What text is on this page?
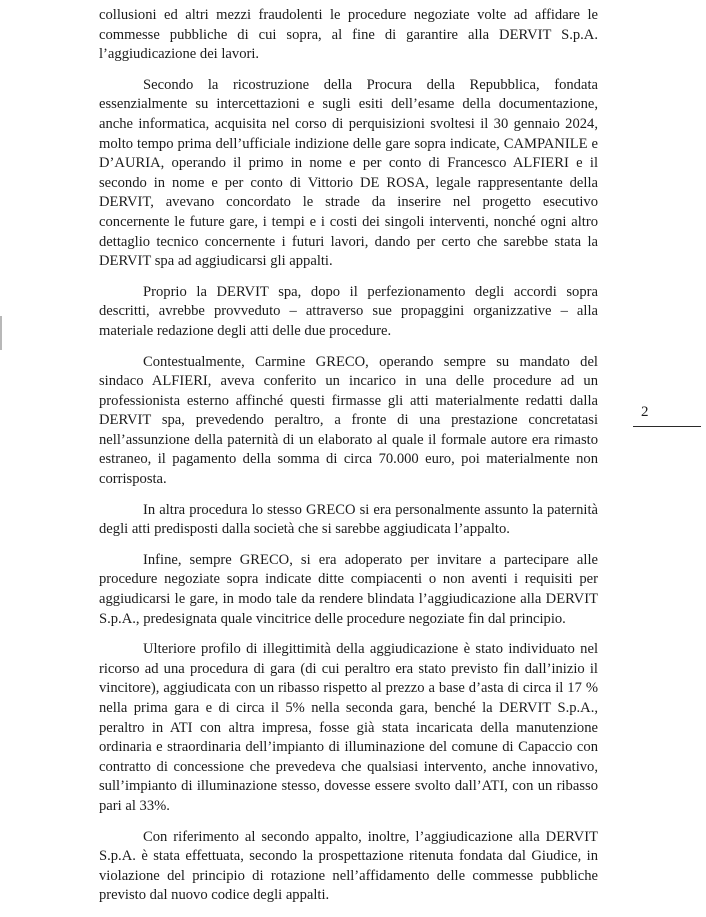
collusioni ed altri mezzi fraudolenti le procedure negoziate volte ad affidare le commesse pubbliche di cui sopra, al fine di garantire alla DERVIT S.p.A. l’aggiudicazione dei lavori.

Secondo la ricostruzione della Procura della Repubblica, fondata essenzialmente su intercettazioni e sugli esiti dell’esame della documentazione, anche informatica, acquisita nel corso di perquisizioni svoltesi il 30 gennaio 2024, molto tempo prima dell’ufficiale indizione delle gare sopra indicate, CAMPANILE e D’AURIA, operando il primo in nome e per conto di Francesco ALFIERI e il secondo in nome e per conto di Vittorio DE ROSA, legale rappresentante della DERVIT, avevano concordato le strade da inserire nel progetto esecutivo concernente le future gare, i tempi e i costi dei singoli interventi, nonché ogni altro dettaglio tecnico concernente i futuri lavori, dando per certo che sarebbe stata la DERVIT spa ad aggiudicarsi gli appalti.

Proprio la DERVIT spa, dopo il perfezionamento degli accordi sopra descritti, avrebbe provveduto – attraverso sue propaggini organizzative – alla materiale redazione degli atti delle due procedure.

Contestualmente, Carmine GRECO, operando sempre su mandato del sindaco ALFIERI, aveva conferito un incarico in una delle procedure ad un professionista esterno affinché questi firmasse gli atti materialmente redatti dalla DERVIT spa, prevedendo peraltro, a fronte di una prestazione concretatasi nell’assunzione della paternità di un elaborato al quale il formale autore era rimasto estraneo, il pagamento della somma di circa 70.000 euro, poi materialmente non corrisposta.

In altra procedura lo stesso GRECO si era personalmente assunto la paternità degli atti predisposti dalla società che si sarebbe aggiudicata l’appalto.

Infine, sempre GRECO, si era adoperato per invitare a partecipare alle procedure negoziate sopra indicate ditte compiacenti o non aventi i requisiti per aggiudicarsi le gare, in modo tale da rendere blindata l’aggiudicazione alla DERVIT S.p.A., predesignata quale vincitrice delle procedure negoziate fin dal principio.

Ulteriore profilo di illegittimità della aggiudicazione è stato individuato nel ricorso ad una procedura di gara (di cui peraltro era stato previsto fin dall’inizio il vincitore), aggiudicata con un ribasso rispetto al prezzo a base d’asta di circa il 17 % nella prima gara e di circa il 5% nella seconda gara, benché la DERVIT S.p.A., peraltro in ATI con altra impresa, fosse già stata incaricata della manutenzione ordinaria e straordinaria dell’impianto di illuminazione del comune di Capaccio con contratto di concessione che prevedeva che qualsiasi intervento, anche innovativo, sull’impianto di illuminazione stesso, dovesse essere svolto dall’ATI, con un ribasso pari al 33%.

Con riferimento al secondo appalto, inoltre, l’aggiudicazione alla DERVIT S.p.A. è stata effettuata, secondo la prospettazione ritenuta fondata dal Giudice, in violazione del principio di rotazione nell’affidamento delle commesse pubbliche previsto dal nuovo codice degli appalti.

2
